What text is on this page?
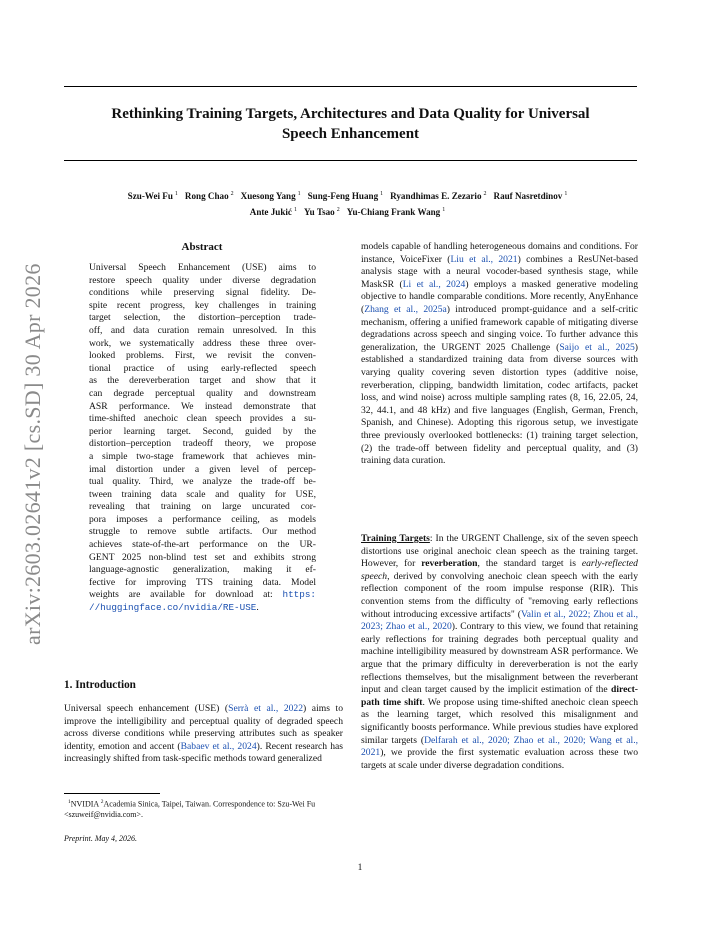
Rethinking Training Targets, Architectures and Data Quality for Universal
Speech Enhancement
Szu-Wei Fu $^1$ Rong Chao $^2$ Xuesong Yang $^1$ Sung-Feng Huang $^1$ Ryandhimas E. Zezario $^2$ Rauf Nasretdinov $^1$
Ante Jukić $^1$ Yu Tsao $^2$ Yu-Chiang Frank Wang $^1$
arXiv:2603.02641v2 [cs.SD] 30 Apr 2026
Abstract
Universal Speech Enhancement (USE) aims to
restore speech quality under diverse degradation
conditions while preserving signal fidelity. De-
spite recent progress, key challenges in training
target selection, the distortion–perception trade-
off, and data curation remain unresolved. In this
work, we systematically address these three over-
looked problems. First, we revisit the conven-
tional practice of using early-reflected speech
as the dereverberation target and show that it
can degrade perceptual quality and downstream
ASR performance. We instead demonstrate that
time-shifted anechoic clean speech provides a su-
perior learning target. Second, guided by the
distortion–perception tradeoff theory, we propose
a simple two-stage framework that achieves min-
imal distortion under a given level of percep-
tual quality. Third, we analyze the trade-off be-
tween training data scale and quality for USE,
revealing that training on large uncurated cor-
pora imposes a performance ceiling, as models
struggle to remove subtle artifacts. Our method
achieves state-of-the-art performance on the UR-
GENT 2025 non-blind test set and exhibits strong
language-agnostic generalization, making it ef-
fective for improving TTS training data. Model
weights are available for download at: https:
//huggingface.co/nvidia/RE-USE.
1. Introduction

Universal speech enhancement (USE) (Serrà et al., 2022) aims to improve the intelligibility and perceptual quality of degraded speech across diverse conditions while preserving attributes such as speaker identity, emotion and accent (Babaev et al., 2024). Recent research has increasingly shifted from task-specific methods toward generalized

$^1$NVIDIA $^2$Academia Sinica, Taipei, Taiwan. Correspondence to: Szu-Wei Fu <szuweif@nvidia.com>.

Preprint. May 4, 2026.

models capable of handling heterogeneous domains and conditions. For instance, VoiceFixer (Liu et al., 2021) combines a ResUNet-based analysis stage with a neural vocoder-based synthesis stage, while MaskSR (Li et al., 2024) employs a masked generative modeling objective to handle comparable conditions. More recently, AnyEnhance (Zhang et al., 2025a) introduced prompt-guidance and a self-critic mechanism, offering a unified framework capable of mitigating diverse degradations across speech and singing voice. To further advance this generalization, the URGENT 2025 Challenge (Saijo et al., 2025) established a standardized training data from diverse sources with varying quality covering seven distortion types (additive noise, reverberation, clipping, bandwidth limitation, codec artifacts, packet loss, and wind noise) across multiple sampling rates (8, 16, 22.05, 24, 32, 44.1, and 48 kHz) and five languages (English, German, French, Spanish, and Chinese). Adopting this rigorous setup, we investigate three previously overlooked bottlenecks: (1) training target selection, (2) the trade-off between fidelity and perceptual quality, and (3) training data curation.

Training Targets: In the URGENT Challenge, six of the seven speech distortions use original anechoic clean speech as the training target. However, for reverberation, the standard target is early-reflected speech, derived by convolving anechoic clean speech with the early reflection component of the room impulse response (RIR). This convention stems from the difficulty of "removing early reflections without introducing excessive artifacts" (Valin et al., 2022; Zhou et al., 2023; Zhao et al., 2020). Contrary to this view, we found that retaining early reflections for training degrades both perceptual quality and machine intelligibility measured by downstream ASR performance. We argue that the primary difficulty in dereverberation is not the early reflections themselves, but the misalignment between the reverberant input and clean target caused by the implicit estimation of the direct-path time shift. We propose using time-shifted anechoic clean speech as the learning target, which resolved this misalignment and significantly boosts performance. While previous studies have explored similar targets (Delfarah et al., 2020; Zhao et al., 2020; Wang et al., 2021), we provide the first systematic evaluation across these two targets at scale under diverse degradation conditions.

1
